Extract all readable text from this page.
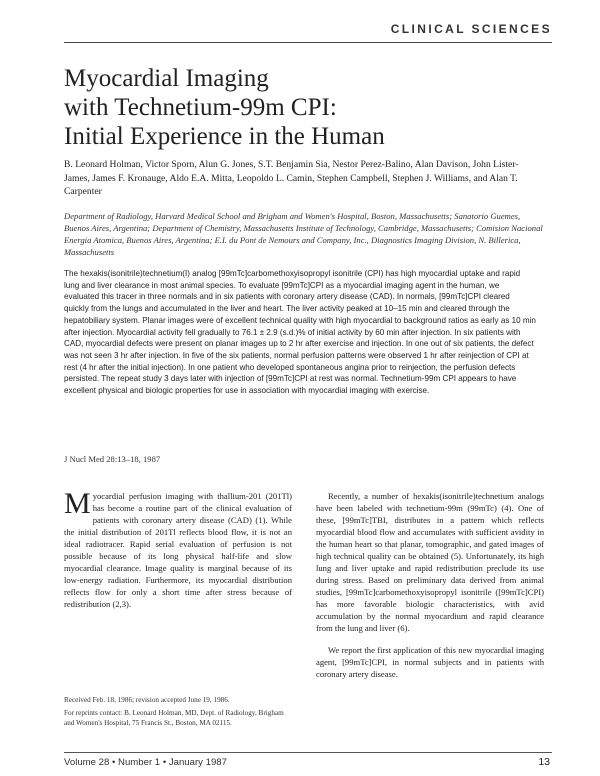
CLINICAL SCIENCES
Myocardial Imaging
with Technetium-99m CPI:
Initial Experience in the Human
B. Leonard Holman, Victor Sporn, Alun G. Jones, S.T. Benjamin Sia, Nestor Perez-Balino, Alan Davison, John Lister-James, James F. Kronauge, Aldo E.A. Mitta, Leopoldo L. Camin, Stephen Campbell, Stephen J. Williams, and Alan T. Carpenter
Department of Radiology, Harvard Medical School and Brigham and Women's Hospital, Boston, Massachusetts; Sanatorio Guemes, Buenos Aires, Argentina; Department of Chemistry, Massachusetts Institute of Technology, Cambridge, Massachusetts; Comision Nacional Energia Atomica, Buenos Aires, Argentina; E.I. du Pont de Nemours and Company, Inc., Diagnostics Imaging Division, N. Billerica, Massachusetts
The hexakis(isonitrile)technetium(I) analog [99mTc]carbomethoxyisopropyl isonitrile (CPI) has high myocardial uptake and rapid lung and liver clearance in most animal species. To evaluate [99mTc]CPI as a myocardial imaging agent in the human, we evaluated this tracer in three normals and in six patients with coronary artery disease (CAD). In normals, [99mTc]CPI cleared quickly from the lungs and accumulated in the liver and heart. The liver activity peaked at 10–15 min and cleared through the hepatobiliary system. Planar images were of excellent technical quality with high myocardial to background ratios as early as 10 min after injection. Myocardial activity fell gradually to 76.1 ± 2.9 (s.d.)% of initial activity by 60 min after injection. In six patients with CAD, myocardial defects were present on planar images up to 2 hr after exercise and injection. In one out of six patients, the defect was not seen 3 hr after injection. In five of the six patients, normal perfusion patterns were observed 1 hr after reinjection of CPI at rest (4 hr after the initial injection). In one patient who developed spontaneous angina prior to reinjection, the perfusion defects persisted. The repeat study 3 days later with injection of [99mTc]CPI at rest was normal. Technetium-99m CPI appears to have excellent physical and biologic properties for use in association with myocardial imaging with exercise.
J Nucl Med 28:13–18, 1987

Myocardial perfusion imaging with thallium-201 (201Tl) has become a routine part of the clinical evaluation of patients with coronary artery disease (CAD) (1). While the initial distribution of 201Tl reflects blood flow, it is not an ideal radiotracer. Rapid serial evaluation of perfusion is not possible because of its long physical half-life and slow myocardial clearance. Image quality is marginal because of its low-energy radiation. Furthermore, its myocardial distribution reflects flow for only a short time after stress because of redistribution (2,3).

Received Feb. 18, 1986; revision accepted June 19, 1986.

For reprints contact: B. Leonard Holman, MD, Dept. of Radiology, Brigham and Women's Hospital, 75 Francis St., Boston, MA 02115.

Recently, a number of hexakis(isonitrile)technetium analogs have been labeled with technetium-99m (99mTc) (4). One of these, [99mTc]TBI, distributes in a pattern which reflects myocardial blood flow and accumulates with sufficient avidity in the human heart so that planar, tomographic, and gated images of high technical quality can be obtained (5). Unfortunately, its high lung and liver uptake and rapid redistribution preclude its use during stress. Based on preliminary data derived from animal studies, [99mTc]carbomethoxyisopropyl isonitrile ([99mTc]CPI) has more favorable biologic characteristics, with avid accumulation by the normal myocardium and rapid clearance from the lung and liver (6).

We report the first application of this new myocardial imaging agent, [99mTc]CPI, in normal subjects and in patients with coronary artery disease.

Volume 28 • Number 1 • January 1987	13
